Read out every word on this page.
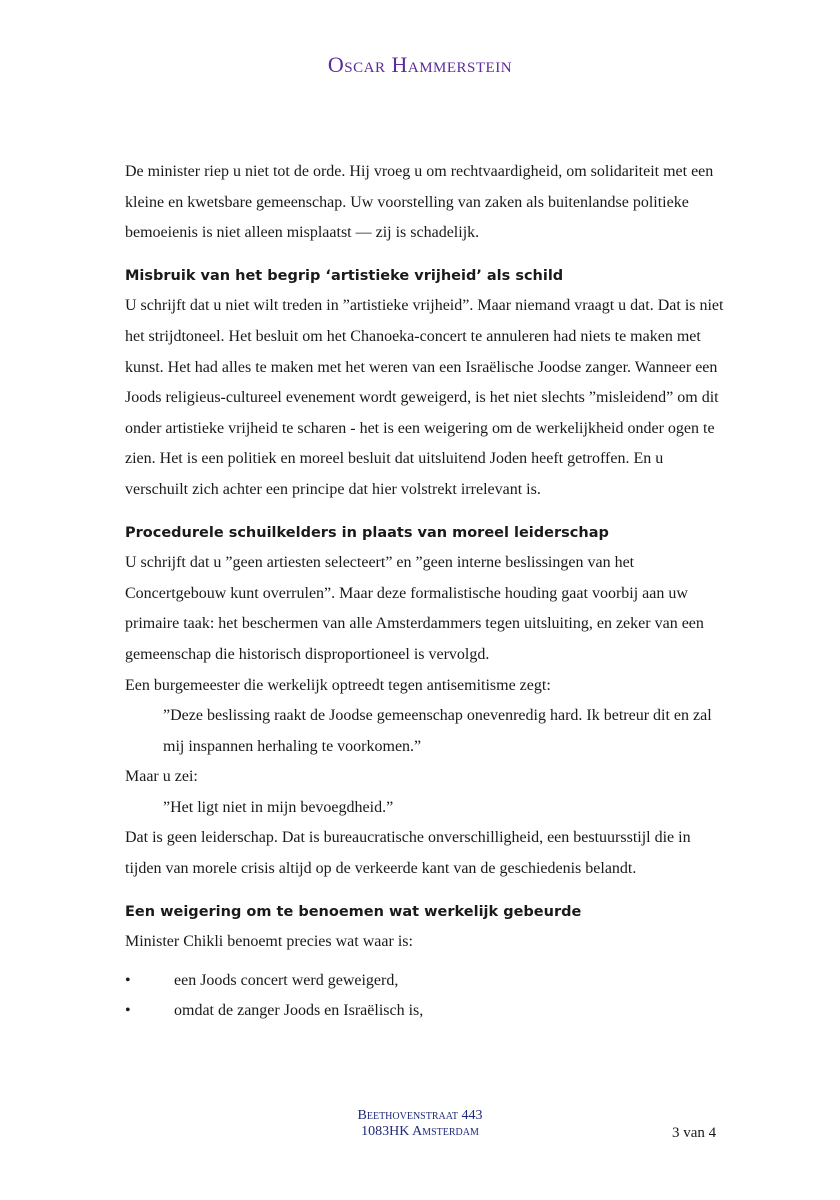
Oscar Hammerstein

De minister riep u niet tot de orde. Hij vroeg u om rechtvaardigheid, om solidariteit met een kleine en kwetsbare gemeenschap. Uw voorstelling van zaken als buitenlandse politieke bemoeienis is niet alleen misplaatst — zij is schadelijk.

Misbruik van het begrip ‘artistieke vrijheid’ als schild

U schrijft dat u niet wilt treden in ”artistieke vrijheid”. Maar niemand vraagt u dat. Dat is niet het strijdtoneel. Het besluit om het Chanoeka-concert te annuleren had niets te maken met kunst. Het had alles te maken met het weren van een Israëlische Joodse zanger. Wanneer een Joods religieus-cultureel evenement wordt geweigerd, is het niet slechts ”misleidend” om dit onder artistieke vrijheid te scharen - het is een weigering om de werkelijkheid onder ogen te zien. Het is een politiek en moreel besluit dat uitsluitend Joden heeft getroffen. En u verschuilt zich achter een principe dat hier volstrekt irrelevant is.

Procedurele schuilkelders in plaats van moreel leiderschap

U schrijft dat u ”geen artiesten selecteert” en ”geen interne beslissingen van het Concertgebouw kunt overrulen”. Maar deze formalistische houding gaat voorbij aan uw primaire taak: het beschermen van alle Amsterdammers tegen uitsluiting, en zeker van een gemeenschap die historisch disproportioneel is vervolgd.

Een burgemeester die werkelijk optreedt tegen antisemitisme zegt:

”Deze beslissing raakt de Joodse gemeenschap onevenredig hard. Ik betreur dit en zal mij inspannen herhaling te voorkomen.”

Maar u zei:

”Het ligt niet in mijn bevoegdheid.”

Dat is geen leiderschap. Dat is bureaucratische onverschilligheid, een bestuursstijl die in tijden van morele crisis altijd op de verkeerde kant van de geschiedenis belandt.

Een weigering om te benoemen wat werkelijk gebeurde

Minister Chikli benoemt precies wat waar is:

•	een Joods concert werd geweigerd,
•	omdat de zanger Joods en Israëlisch is,
Beethovenstraat 443
1083HK Amsterdam	3 van 4
